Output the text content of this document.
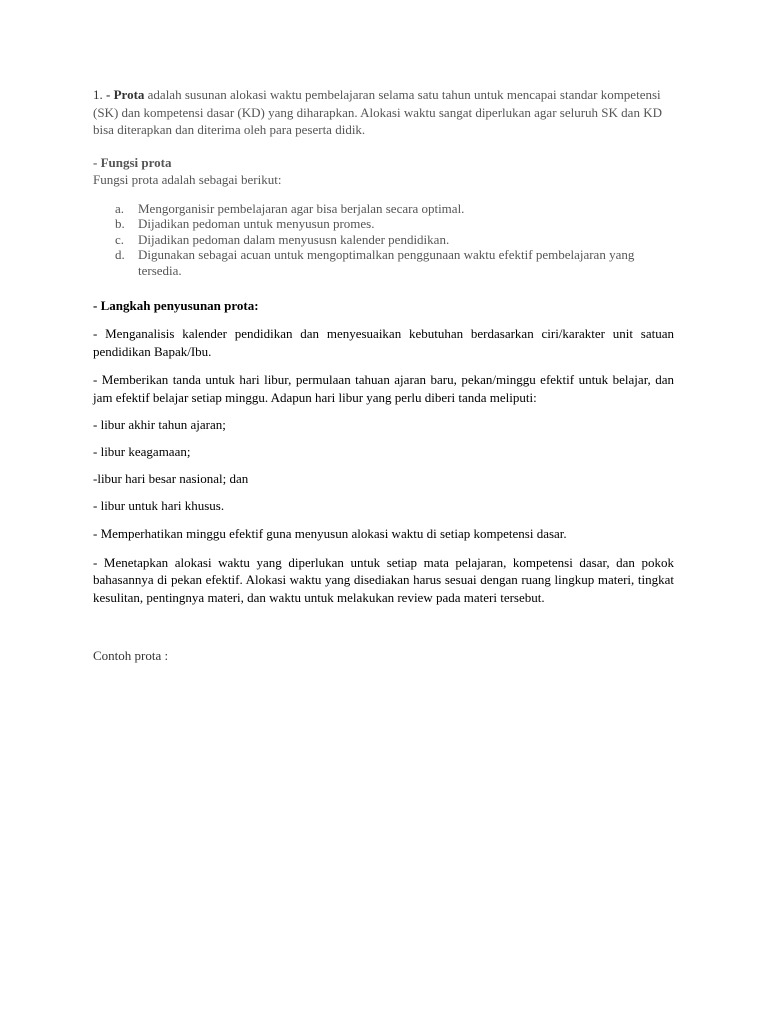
1. - Prota adalah susunan alokasi waktu pembelajaran selama satu tahun untuk mencapai standar kompetensi (SK) dan kompetensi dasar (KD) yang diharapkan. Alokasi waktu sangat diperlukan agar seluruh SK dan KD bisa diterapkan dan diterima oleh para peserta didik.

- Fungsi prota

Fungsi prota adalah sebagai berikut:

a.	Mengorganisir pembelajaran agar bisa berjalan secara optimal.
b.	Dijadikan pedoman untuk menyusun promes.
c.	Dijadikan pedoman dalam menyususn kalender pendidikan.
d.	Digunakan sebagai acuan untuk mengoptimalkan penggunaan waktu efektif pembelajaran yang tersedia.

- Langkah penyusunan prota:

- Menganalisis kalender pendidikan dan menyesuaikan kebutuhan berdasarkan ciri/karakter unit satuan pendidikan Bapak/Ibu.

- Memberikan tanda untuk hari libur, permulaan tahuan ajaran baru, pekan/minggu efektif untuk belajar, dan jam efektif belajar setiap minggu. Adapun hari libur yang perlu diberi tanda meliputi:

- libur akhir tahun ajaran;

- libur keagamaan;

-libur hari besar nasional; dan

- libur untuk hari khusus.

- Memperhatikan minggu efektif guna menyusun alokasi waktu di setiap kompetensi dasar.

- Menetapkan alokasi waktu yang diperlukan untuk setiap mata pelajaran, kompetensi dasar, dan pokok bahasannya di pekan efektif. Alokasi waktu yang disediakan harus sesuai dengan ruang lingkup materi, tingkat kesulitan, pentingnya materi, dan waktu untuk melakukan review pada materi tersebut.

Contoh prota :
